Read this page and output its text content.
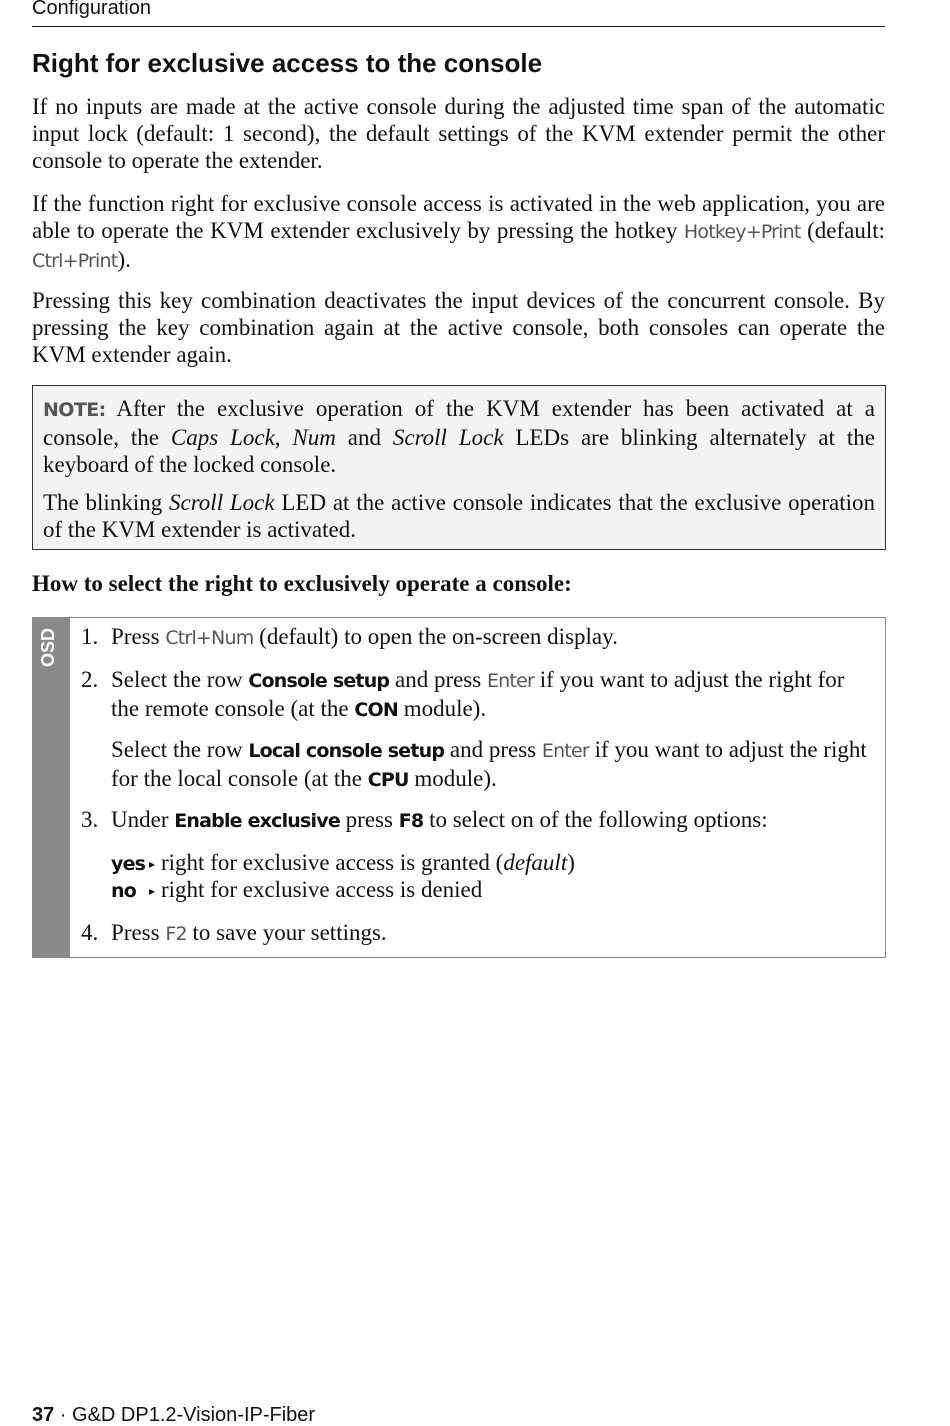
Configuration
Right for exclusive access to the console

If no inputs are made at the active console during the adjusted time span of the automatic input lock (default: 1 second), the default settings of the KVM extender permit the other console to operate the extender.

If the function right for exclusive console access is activated in the web application, you are able to operate the KVM extender exclusively by pressing the hotkey Hotkey+Print (default: Ctrl+Print).

Pressing this key combination deactivates the input devices of the concurrent console. By pressing the key combination again at the active console, both consoles can operate the KVM extender again.

NOTE: After the exclusive operation of the KVM extender has been activated at a console, the Caps Lock, Num and Scroll Lock LEDs are blinking alternately at the keyboard of the locked console.

The blinking Scroll Lock LED at the active console indicates that the exclusive operation of the KVM extender is activated.

How to select the right to exclusively operate a console:

OSD	1. Press Ctrl+Num (default) to open the on-screen display.
2. Select the row Console setup and press Enter if you want to adjust the right for the remote console (at the CON module).
Select the row Local console setup and press Enter if you want to adjust the right for the local console (at the CPU module).
3. Under Enable exclusive press F8 to select on of the following options:
yes ▸ right for exclusive access is granted (default)
no ▸ right for exclusive access is denied
4. Press F2 to save your settings.
37 · G&D DP1.2-Vision-IP-Fiber
